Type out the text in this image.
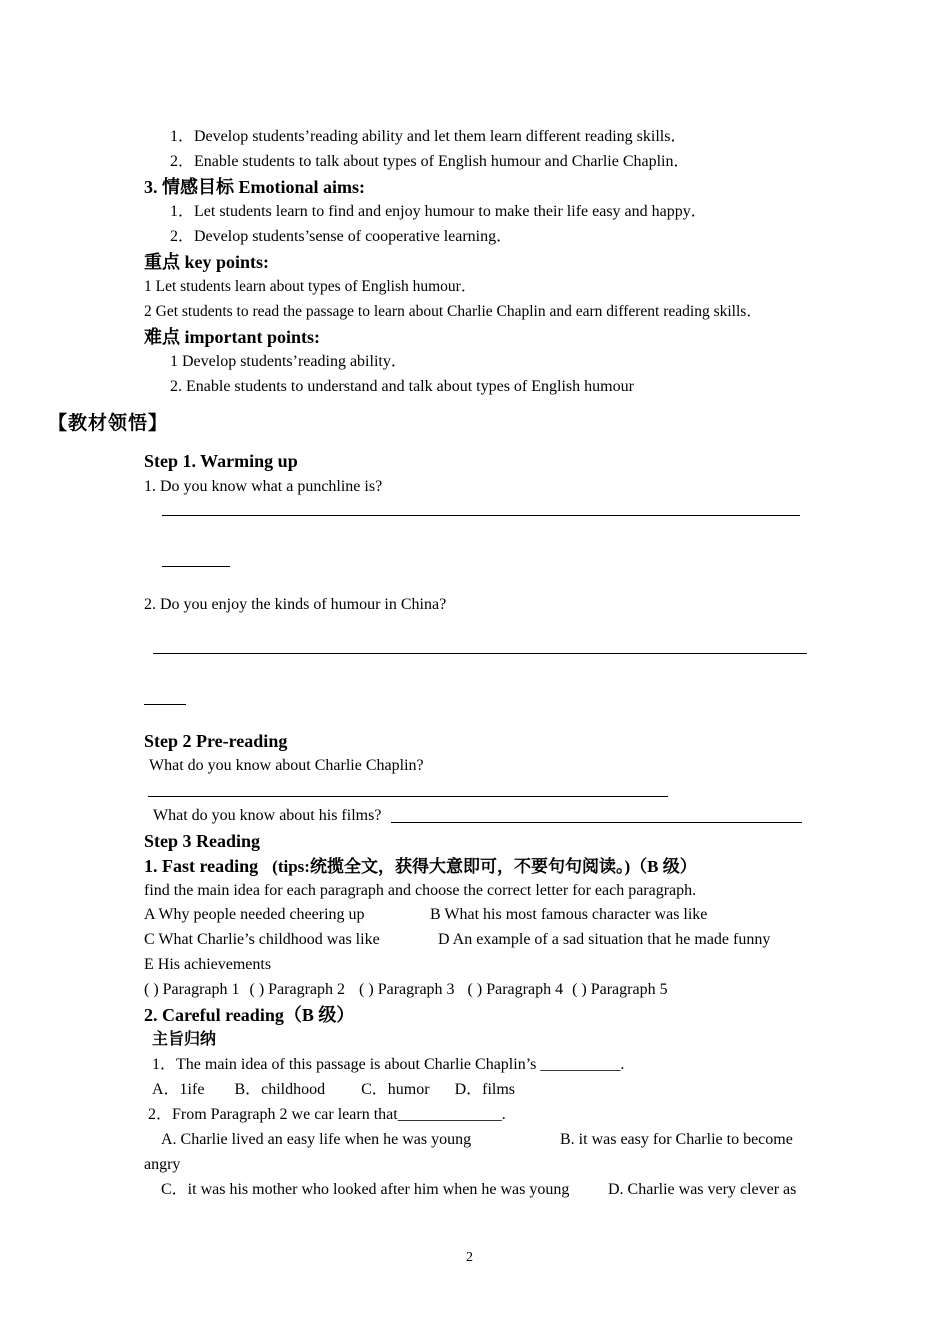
1．Develop students’reading ability and let them learn different reading skills．
2．Enable students to talk about types of English humour and Charlie Chaplin．
3. 情感目标 Emotional aims:
1．Let students learn to find and enjoy humour to make their life easy and happy．
2．Develop students’sense of cooperative learning．
重点 key points:
1 Let students learn about types of English humour．
2 Get students to read the passage to learn about Charlie Chaplin and earn different reading skills．
难点 important points:
1 Develop students’reading ability．
2. Enable students to understand and talk about types of English humour
【教材领悟】
Step 1. Warming up
1. Do you know what a punchline is?
2. Do you enjoy the kinds of humour in China?
Step 2 Pre-reading
What do you know about Charlie Chaplin?
What do you know about his films?
Step 3 Reading
1. Fast reading (tips:统揽全文，获得大意即可，不要句句阅读。)（B 级）
find the main idea for each paragraph and choose the correct letter for each paragraph.
A Why people needed cheering up	B What his most famous character was like
C What Charlie’s childhood was like	D An example of a sad situation that he made funny
E His achievements
( ) Paragraph 1 ( ) Paragraph 2 ( ) Paragraph 3 ( ) Paragraph 4 ( ) Paragraph 5
2. Careful reading（B 级）
主旨归纳
1．The main idea of this passage is about Charlie Chaplin’s __________.
A．1ife B．childhood C．humor D．films
2．From Paragraph 2 we car learn that_____________.
A. Charlie lived an easy life when he was young	B. it was easy for Charlie to become
angry
C．it was his mother who looked after him when he was young D. Charlie was very clever as
2
